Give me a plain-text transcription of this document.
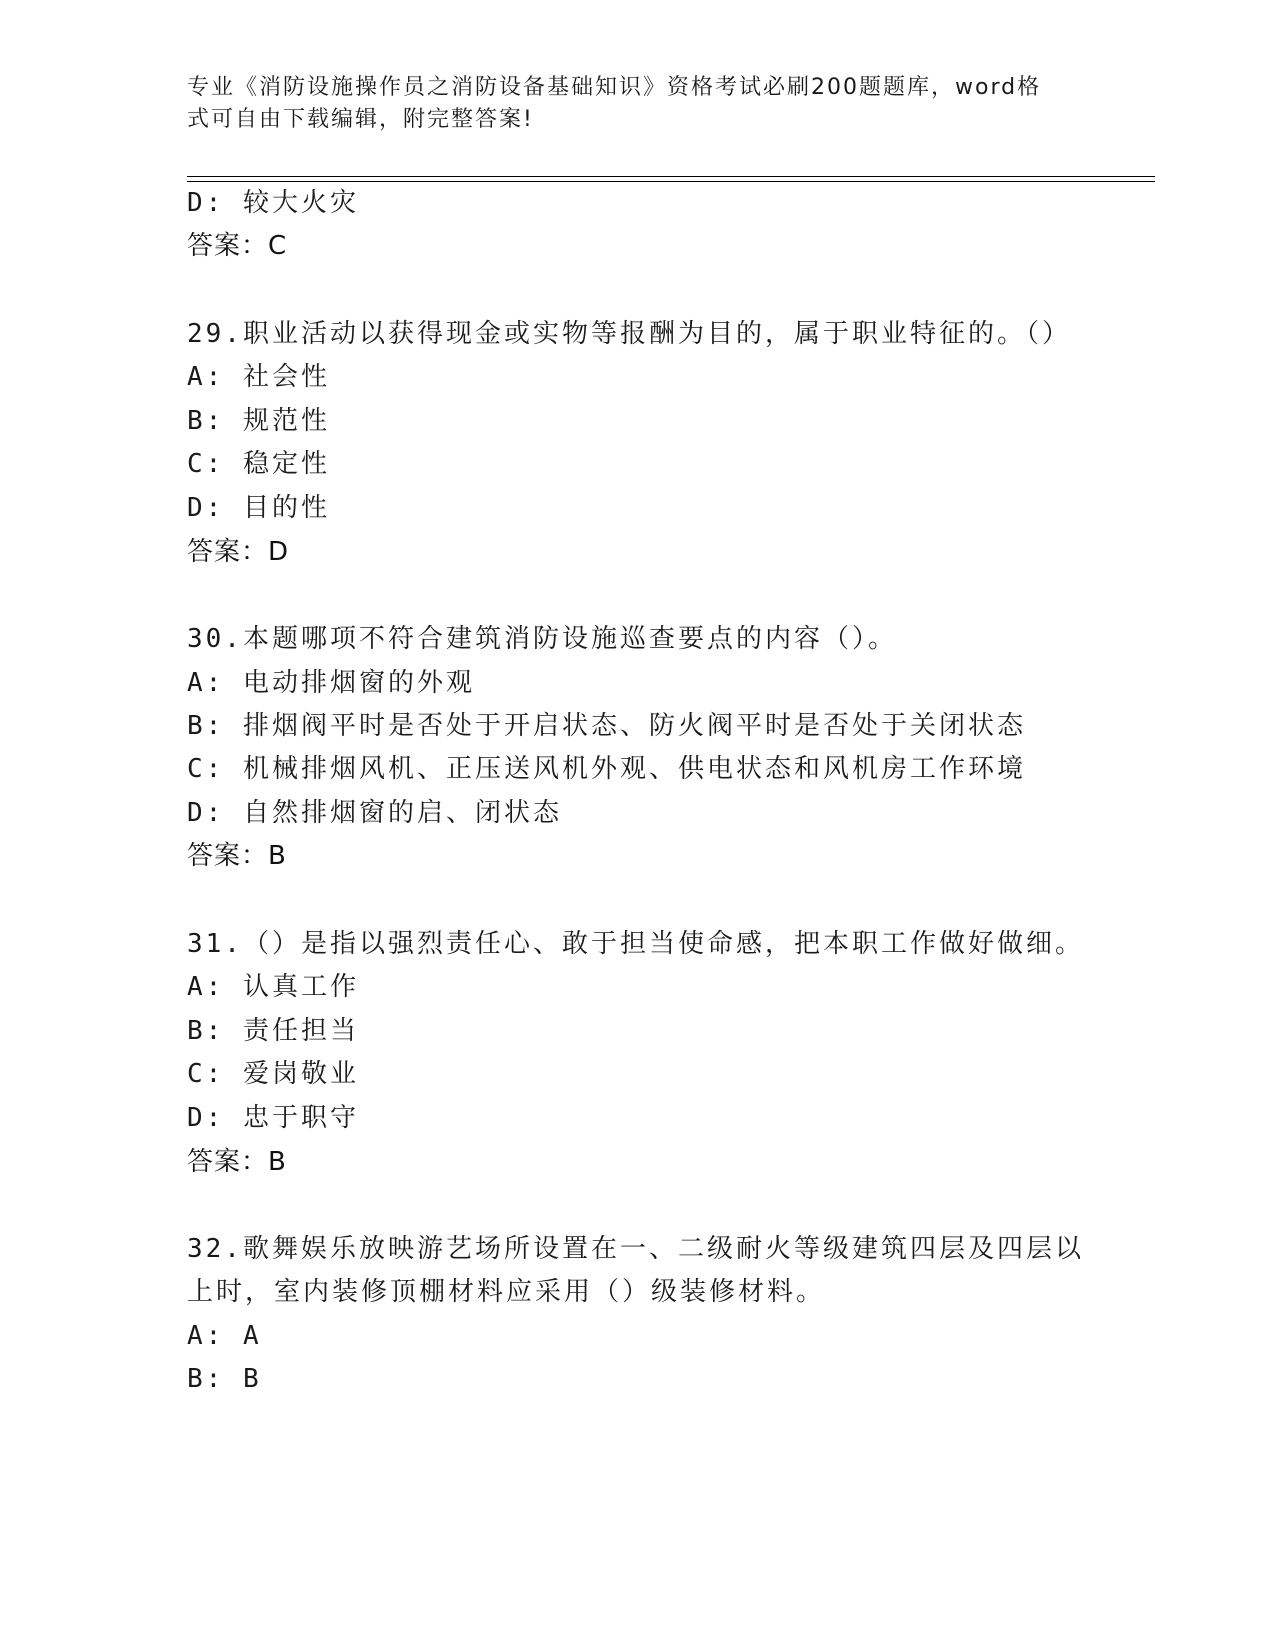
专业《消防设施操作员之消防设备基础知识》资格考试必刷200题题库，word格
式可自由下载编辑，附完整答案!
D: 较大火灾
答案：C
29.职业活动以获得现金或实物等报酬为目的，属于职业特征的。（）
A: 社会性
B: 规范性
C: 稳定性
D: 目的性
答案：D
30.本题哪项不符合建筑消防设施巡查要点的内容（）。
A: 电动排烟窗的外观
B: 排烟阀平时是否处于开启状态、防火阀平时是否处于关闭状态
C: 机械排烟风机、正压送风机外观、供电状态和风机房工作环境
D: 自然排烟窗的启、闭状态
答案：B
31.（）是指以强烈责任心、敢于担当使命感，把本职工作做好做细。
A: 认真工作
B: 责任担当
C: 爱岗敬业
D: 忠于职守
答案：B
32.歌舞娱乐放映游艺场所设置在一、二级耐火等级建筑四层及四层以
上时，室内装修顶棚材料应采用（）级装修材料。
A: A
B: B
